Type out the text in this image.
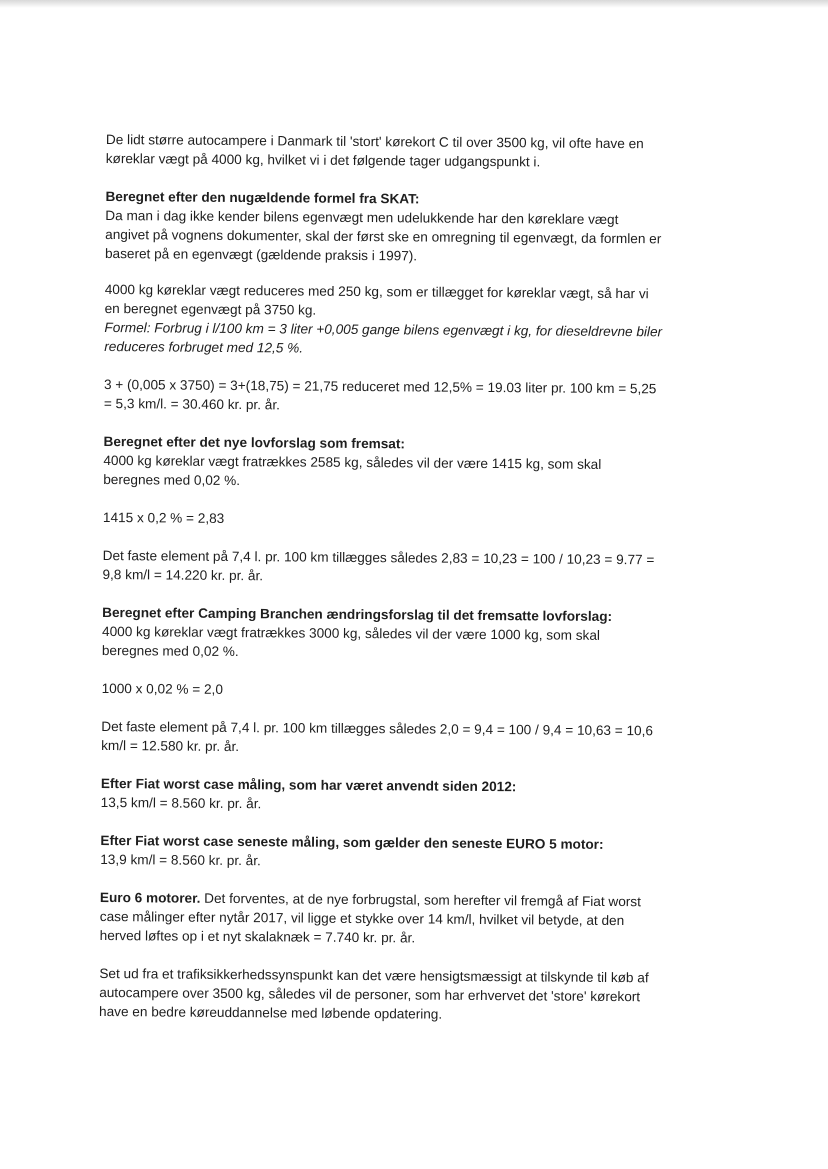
De lidt større autocampere i Danmark til 'stort' kørekort C til over 3500 kg, vil ofte have en
køreklar vægt på 4000 kg, hvilket vi i det følgende tager udgangspunkt i.

Beregnet efter den nugældende formel fra SKAT:
Da man i dag ikke kender bilens egenvægt men udelukkende har den køreklare vægt
angivet på vognens dokumenter, skal der først ske en omregning til egenvægt, da formlen er
baseret på en egenvægt (gældende praksis i 1997).

4000 kg køreklar vægt reduceres med 250 kg, som er tillægget for køreklar vægt, så har vi
en beregnet egenvægt på 3750 kg.
Formel: Forbrug i l/100 km = 3 liter +0,005 gange bilens egenvægt i kg, for dieseldrevne biler
reduceres forbruget med 12,5 %.

3 + (0,005 x 3750) = 3+(18,75) = 21,75 reduceret med 12,5% = 19.03 liter pr. 100 km = 5,25
= 5,3 km/l. = 30.460 kr. pr. år.

Beregnet efter det nye lovforslag som fremsat:
4000 kg køreklar vægt fratrækkes 2585 kg, således vil der være 1415 kg, som skal
beregnes med 0,02 %.

1415 x 0,2 % = 2,83

Det faste element på 7,4 l. pr. 100 km tillægges således 2,83 = 10,23 = 100 / 10,23 = 9.77 =
9,8 km/l = 14.220 kr. pr. år.

Beregnet efter Camping Branchen ændringsforslag til det fremsatte lovforslag:
4000 kg køreklar vægt fratrækkes 3000 kg, således vil der være 1000 kg, som skal
beregnes med 0,02 %.

1000 x 0,02 % = 2,0

Det faste element på 7,4 l. pr. 100 km tillægges således 2,0 = 9,4 = 100 / 9,4 = 10,63 = 10,6
km/l = 12.580 kr. pr. år.

Efter Fiat worst case måling, som har været anvendt siden 2012:
13,5 km/l = 8.560 kr. pr. år.

Efter Fiat worst case seneste måling, som gælder den seneste EURO 5 motor:
13,9 km/l = 8.560 kr. pr. år.

Euro 6 motorer. Det forventes, at de nye forbrugstal, som herefter vil fremgå af Fiat worst
case målinger efter nytår 2017, vil ligge et stykke over 14 km/l, hvilket vil betyde, at den
herved løftes op i et nyt skalaknæk = 7.740 kr. pr. år.

Set ud fra et trafiksikkerhedssynspunkt kan det være hensigtsmæssigt at tilskynde til køb af
autocampere over 3500 kg, således vil de personer, som har erhvervet det 'store' kørekort
have en bedre køreuddannelse med løbende opdatering.
